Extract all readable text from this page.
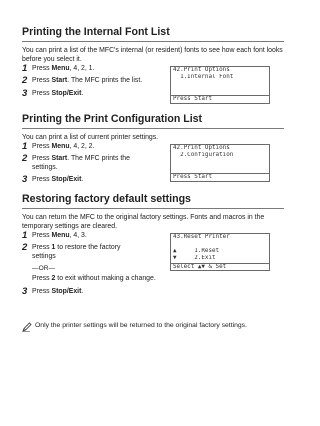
Printing the Internal Font List
You can print a list of the MFC's internal (or resident) fonts to see how each font looks before you select it.
1 Press Menu, 4, 2, 1.
2 Press Start. The MFC prints the list.
3 Press Stop/Exit.
42.Print Options
1.Internal Font
Press Start
Printing the Print Configuration List
You can print a list of current printer settings.
1 Press Menu, 4, 2, 2.
2 Press Start. The MFC prints the settings.
3 Press Stop/Exit.
42.Print Options
2.Configuration
Press Start
Restoring factory default settings
You can return the MFC to the original factory settings. Fonts and macros in the temporary settings are cleared.
1 Press Menu, 4, 3.
2 Press 1 to restore the factory settings
—OR—
Press 2 to exit without making a change.
3 Press Stop/Exit.
43.Reset Printer
▲     1.Reset
▼     2.Exit
Select ▲▼ & Set
Only the printer settings will be returned to the original factory settings.
